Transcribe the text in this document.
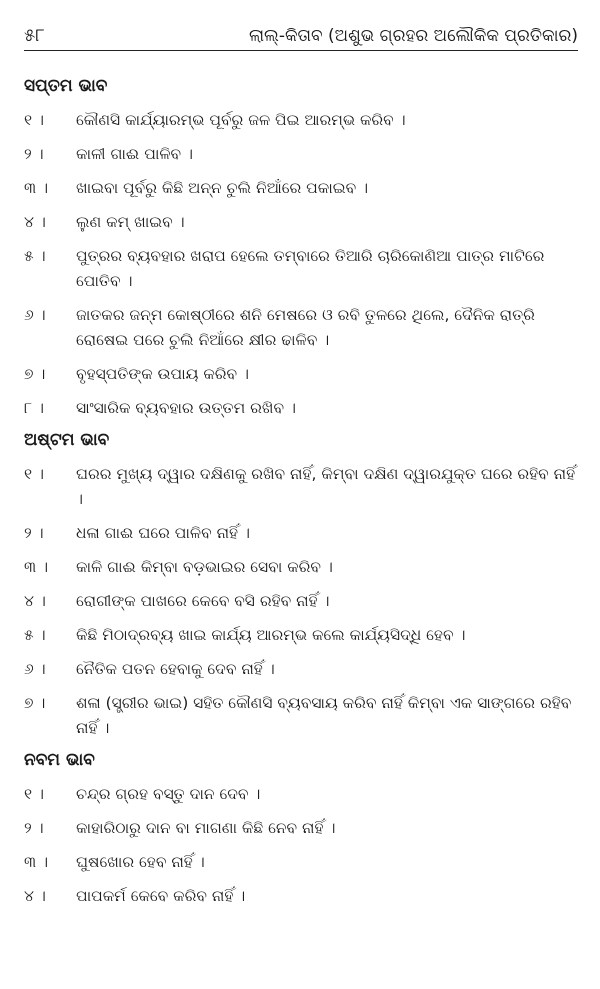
୫୮	ଲାଲ୍-କିତାବ (ଅଶୁଭ ଗ୍ରହର ଅଲୌକିକ ପ୍ରତିକାର)
ସପ୍ତମ ଭାବ
୧ ।	କୌଣସି କାର୍ଯ୍ୟାରମ୍ଭ ପୂର୍ବରୁ ଜଳ ପିଇ ଆରମ୍ଭ କରିବ ।
୨ ।	କାଳୀ ଗାଈ ପାଳିବ ।
୩ ।	ଖାଇବା ପୂର୍ବରୁ କିଛି ଅନ୍ନ ଚୁଲି ନିଆଁରେ ପକାଇବ ।
୪ ।	ଲୁଣ କମ୍ ଖାଇବ ।
୫ ।	ପୁତ୍ରର ବ୍ୟବହାର ଖରାପ ହେଲେ ତମ୍ବାରେ ତିଆରି ଚାରିକୋଣିଆ ପାତ୍ର ମାଟିରେ ପୋତିବ ।
୬ ।	ଜାତକର ଜନ୍ମ କୋଷ୍ଠୀରେ ଶନି ମେଷରେ ଓ ରବି ତୁଳରେ ଥିଲେ, ଦୈନିକ ରାତ୍ରି ରୋଷେଇ ପରେ ଚୁଲି ନିଆଁରେ କ୍ଷୀର ଢାଳିବ ।
୭ ।	ବୃହସ୍ପତିଙ୍କ ଉପାୟ କରିବ ।
୮ ।	ସାଂସାରିକ ବ୍ୟବହାର ଉତ୍ତମ ରଖିବ ।
ଅଷ୍ଟମ ଭାବ
୧ ।	ଘରର ମୁଖ୍ୟ ଦ୍ୱାର ଦକ୍ଷିଣକୁ ରଖିବ ନାହିଁ, କିମ୍ବା ଦକ୍ଷିଣ ଦ୍ୱାରଯୁକ୍ତ ଘରେ ରହିବ ନାହିଁ ।
୨ ।	ଧଳା ଗାଈ ଘରେ ପାଳିବ ନାହିଁ ।
୩ ।	କାଳି ଗାଈ କିମ୍ବା ବଡ଼ଭାଇର ସେବା କରିବ ।
୪ ।	ରୋଗୀଙ୍କ ପାଖରେ କେବେ ବସି ରହିବ ନାହିଁ ।
୫ ।	କିଛି ମିଠାଦ୍ରବ୍ୟ ଖାଇ କାର୍ଯ୍ୟ ଆରମ୍ଭ କଲେ କାର୍ଯ୍ୟସିଦ୍ଧି ହେବ ।
୬ ।	ନୈତିକ ପତନ ହେବାକୁ ଦେବ ନାହିଁ ।
୭ ।	ଶଳା (ସ୍ତ୍ରୀର ଭାଇ) ସହିତ କୌଣସି ବ୍ୟବସାୟ କରିବ ନାହିଁ କିମ୍ବା ଏକ ସାଙ୍ଗରେ ରହିବ ନାହିଁ ।
ନବମ ଭାବ
୧ ।	ଚନ୍ଦ୍ର ଗ୍ରହ ବସ୍ତୁ ଦାନ ଦେବ ।
୨ ।	କାହାରିଠାରୁ ଦାନ ବା ମାଗଣା କିଛି ନେବ ନାହିଁ ।
୩ ।	ଘୁଷଖୋର ହେବ ନାହିଁ ।
୪ ।	ପାପକର୍ମ କେବେ କରିବ ନାହିଁ ।
